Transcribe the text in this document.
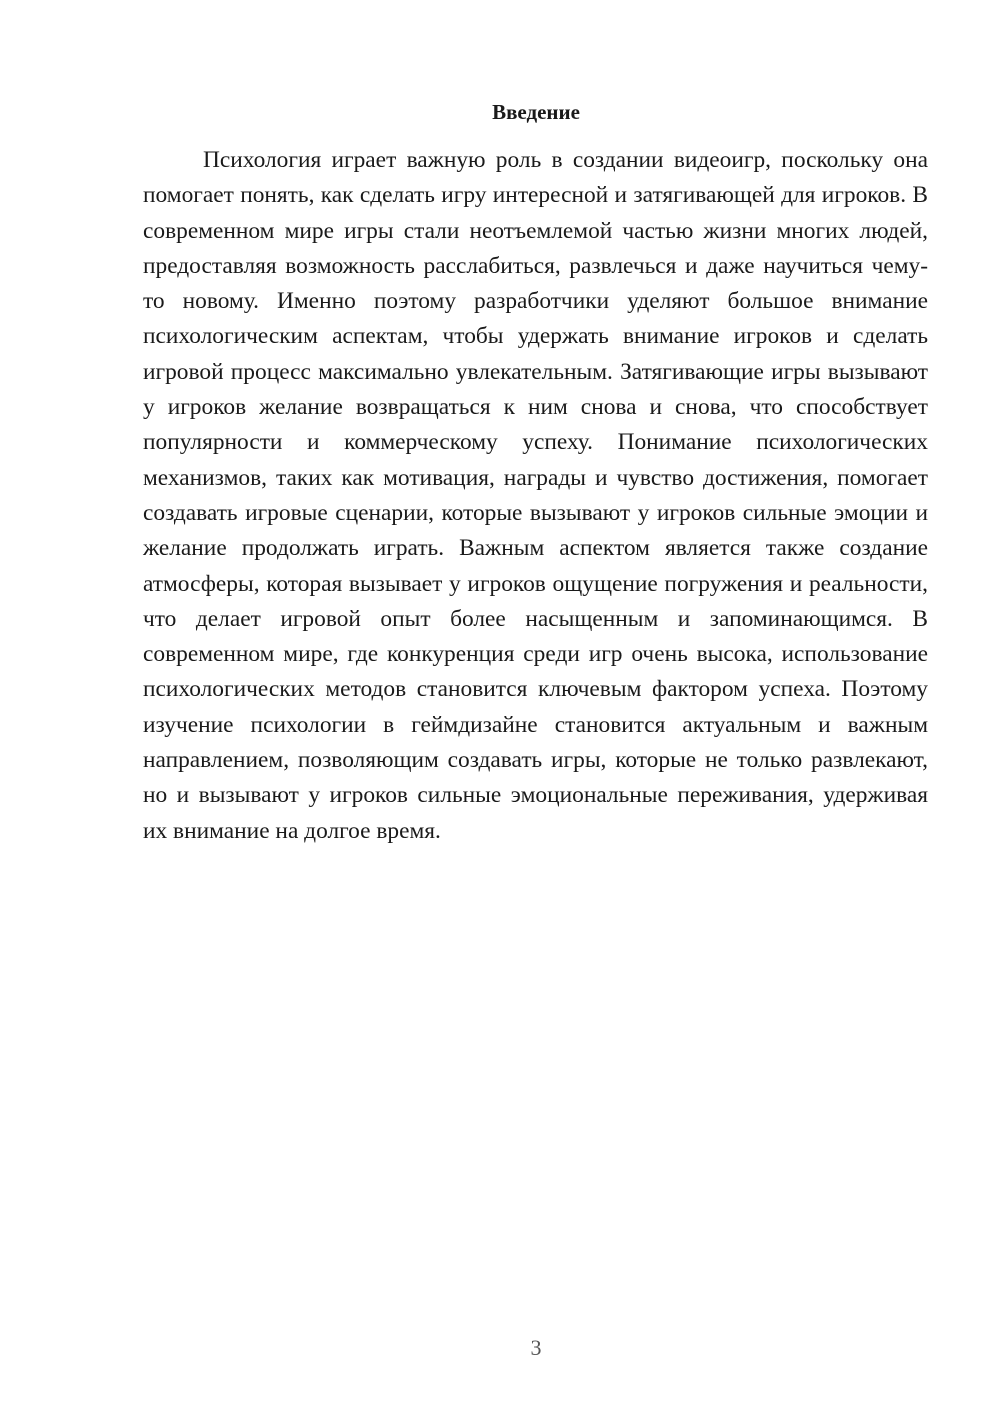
Введение

Психология играет важную роль в создании видеоигр, поскольку она помогает понять, как сделать игру интересной и затягивающей для игроков. В современном мире игры стали неотъемлемой частью жизни многих людей, предоставляя возможность расслабиться, развлечься и даже научиться чему-то новому. Именно поэтому разработчики уделяют большое внимание психологическим аспектам, чтобы удержать внимание игроков и сделать игровой процесс максимально увлекательным. Затягивающие игры вызывают у игроков желание возвращаться к ним снова и снова, что способствует популярности и коммерческому успеху. Понимание психологических механизмов, таких как мотивация, награды и чувство достижения, помогает создавать игровые сценарии, которые вызывают у игроков сильные эмоции и желание продолжать играть. Важным аспектом является также создание атмосферы, которая вызывает у игроков ощущение погружения и реальности, что делает игровой опыт более насыщенным и запоминающимся. В современном мире, где конкуренция среди игр очень высока, использование психологических методов становится ключевым фактором успеха. Поэтому изучение психологии в геймдизайне становится актуальным и важным направлением, позволяющим создавать игры, которые не только развлекают, но и вызывают у игроков сильные эмоциональные переживания, удерживая их внимание на долгое время.

3
